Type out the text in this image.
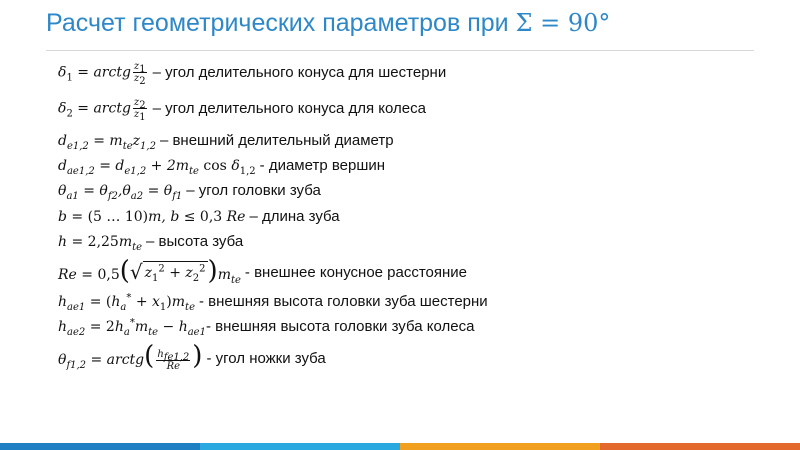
Расчет геометрических параметров при Σ = 90°
$\delta_1$ = arctg $\frac{z_1}{z_2}$ – угол делительного конуса для шестерни
$\delta_2$ = arctg $\frac{z_2}{z_1}$ – угол делительного конуса для колеса
$d_{e1,2} = m_{te}z_{1,2}$ – внешний делительный диаметр
$d_{ae1,2} = d_{e1,2} + 2m_{te}$ $\cos \delta_{1,2}$ - диаметр вершин
$\theta_{a1} = \theta_{f2},\theta_{a2} = \theta_{f1}$ – угол головки зуба
b = (5 … 10)m, b ≤ 0,3 Re – длина зуба
$h = 2,25m_{te}$ – высота зуба
Re = 0,5( √ $z_1^2 + z_2^2$ )$m_{te}$ - внешнее конусное расстояние
$h_{ae1} = (h_a^* + x_1)m_{te}$ - внешняя высота головки зуба шестерни
$h_{ae2} = 2h_a^*m_{te} - h_{ae1}$ - внешняя высота головки зуба колеса
$\theta_{f1,2}$ = arctg( $\frac{h_{fe1,2}}{Re}$ ) - угол ножки зуба
